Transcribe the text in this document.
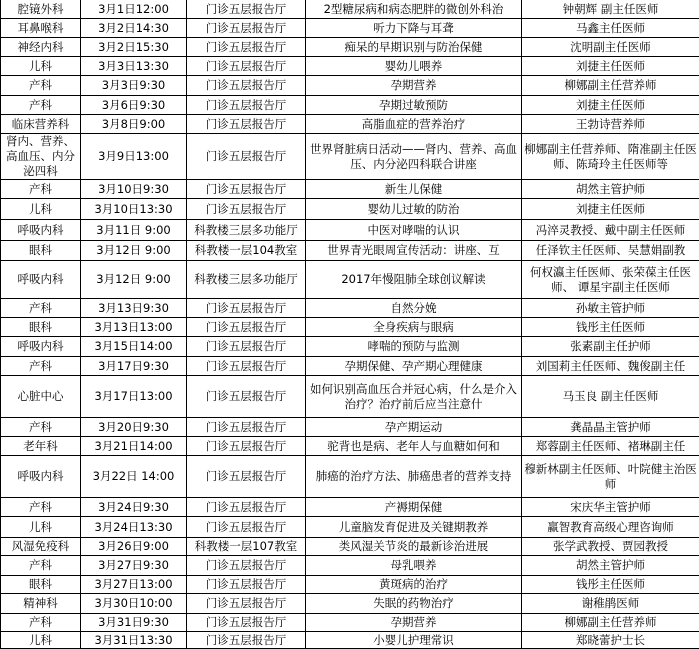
腔镜外科	3月1日12:00	门诊五层报告厅	2型糖尿病和病态肥胖的微创外科治	钟朝辉 副主任医师
耳鼻喉科	3月2日14:30	门诊五层报告厅	听力下降与耳聋	马鑫主任医师
神经内科	3月2日15:30	门诊五层报告厅	痴呆的早期识别与防治保健	沈明副主任医师
儿科	3月3日13:30	门诊五层报告厅	婴幼儿喂养	刘捷主任医师
产科	3月3日9:30	门诊五层报告厅	孕期营养	柳娜副主任营养师
产科	3月6日9:30	门诊五层报告厅	孕期过敏预防	刘捷主任医师
临床营养科	3月8日9:00	门诊五层报告厅	高脂血症的营养治疗	王勃诗营养师
肾内、营养、高血压、内分泌四科	3月9日13:00	门诊五层报告厅	世界肾脏病日活动——肾内、营养、高血压、内分泌四科联合讲座	柳娜副主任营养师、隋准副主任医师、陈琦玲主任医师等
产科	3月10日9:30	门诊五层报告厅	新生儿保健	胡然主管护师
儿科	3月10日13:30	门诊五层报告厅	婴幼儿过敏的防治	刘捷主任医师
呼吸内科	3月11日 9:00	科教楼三层多功能厅	中医对哮喘的认识	冯淬灵教授、戴中副主任医师
眼科	3月12日 9:00	科教楼一层104教室	世界青光眼周宣传活动：讲座、互	任泽钦主任医师、吴慧娟副教
呼吸内科	3月12日 9:00	科教楼三层多功能厅	2017年慢阻肺全球创议解读	何权瀛主任医师、张荣葆主任医师、 谭星宇副主任医师
产科	3月13日9:30	门诊五层报告厅	自然分娩	孙敏主管护师
眼科	3月13日13:00	门诊五层报告厅	全身疾病与眼病	钱彤主任医师
呼吸内科	3月15日14:00	门诊五层报告厅	哮喘的预防与监测	张素副主任护师
产科	3月17日9:30	门诊五层报告厅	孕期保健、孕产期心理健康	刘国莉主任医师、魏俊副主任
心脏中心	3月17日13:00	门诊五层报告厅	如何识别高血压合并冠心病，什么是介入治疗？治疗前后应当注意什	马玉良 副主任医师
产科	3月20日9:30	门诊五层报告厅	孕产期运动	龚晶晶主管护师
老年科	3月21日14:00	门诊五层报告厅	驼背也是病、老年人与血糖如何和	郑蓉副主任医师、褚琳副主任
呼吸内科	3月22日 14:00	门诊五层报告厅	肺癌的治疗方法、肺癌患者的营养支持	穆新林副主任医师、叶院健主治医师
产科	3月24日9:30	门诊五层报告厅	产褥期保健	宋庆华主管护师
儿科	3月24日13:30	门诊五层报告厅	儿童脑发育促进及关键期教养	赢智教育高级心理咨询师
风湿免疫科	3月26日9:00	科教楼一层107教室	类风湿关节炎的最新诊治进展	张学武教授、贾园教授
产科	3月27日9:30	门诊五层报告厅	母乳喂养	胡然主管护师
眼科	3月27日13:00	门诊五层报告厅	黄斑病的治疗	钱彤主任医师
精神科	3月30日10:00	门诊五层报告厅	失眠的药物治疗	谢稚鹃医师
产科	3月31日9:30	门诊五层报告厅	孕期营养	柳娜副主任营养师
儿科	3月31日13:30	门诊五层报告厅	小婴儿护理常识	郑晓蕾护士长
